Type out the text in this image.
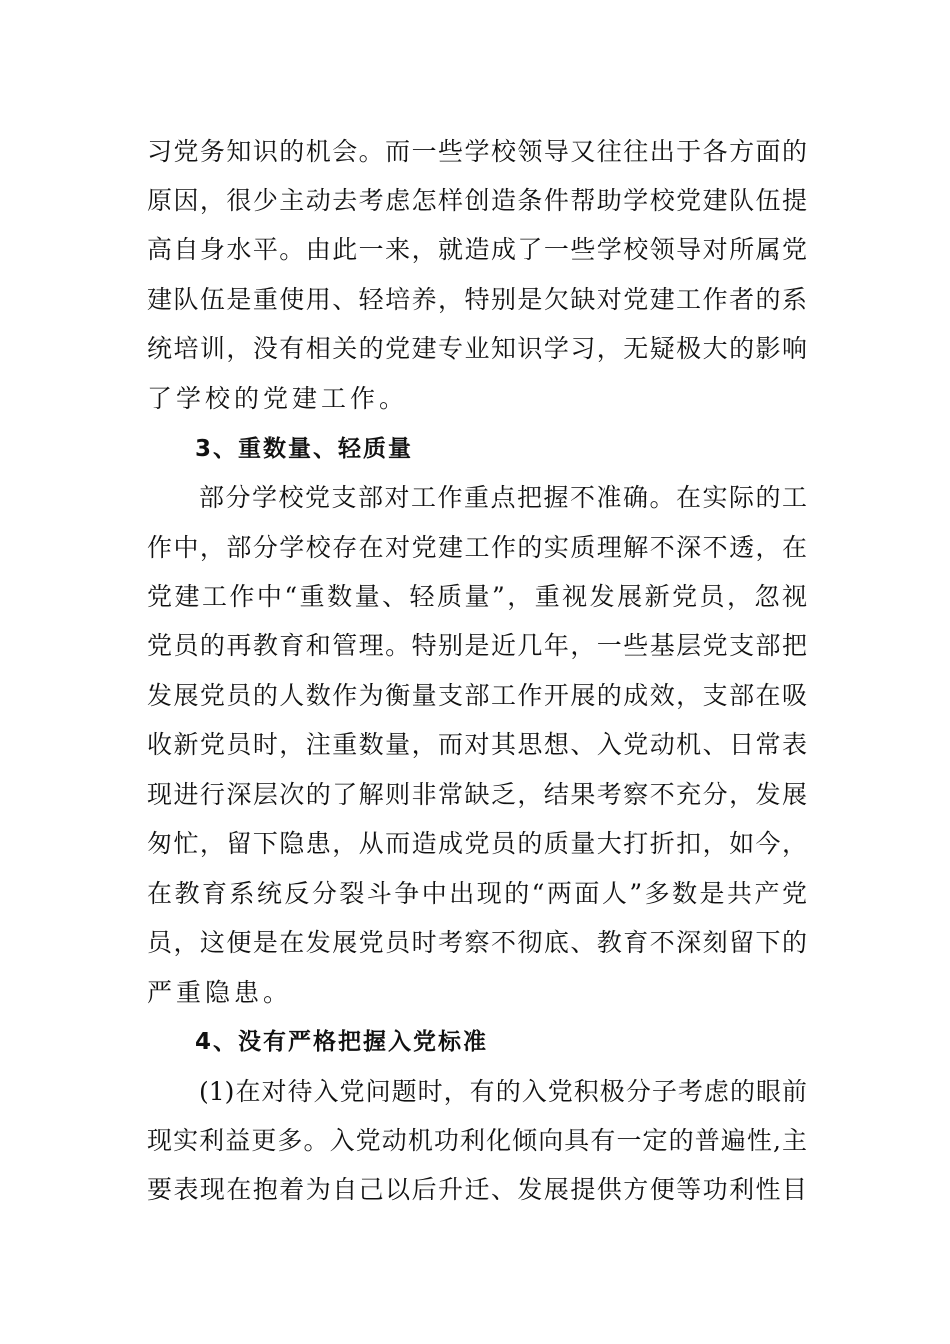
习党务知识的机会。而一些学校领导又往往出于各方面的
原因，很少主动去考虑怎样创造条件帮助学校党建队伍提
高自身水平。由此一来，就造成了一些学校领导对所属党
建队伍是重使用、轻培养，特别是欠缺对党建工作者的系
统培训，没有相关的党建专业知识学习，无疑极大的影响
了学校的党建工作。
3、重数量、轻质量
部分学校党支部对工作重点把握不准确。在实际的工
作中，部分学校存在对党建工作的实质理解不深不透，在
党建工作中“重数量、轻质量”，重视发展新党员，忽视
党员的再教育和管理。特别是近几年，一些基层党支部把
发展党员的人数作为衡量支部工作开展的成效，支部在吸
收新党员时，注重数量，而对其思想、入党动机、日常表
现进行深层次的了解则非常缺乏，结果考察不充分，发展
匆忙，留下隐患，从而造成党员的质量大打折扣，如今，
在教育系统反分裂斗争中出现的“两面人”多数是共产党
员，这便是在发展党员时考察不彻底、教育不深刻留下的
严重隐患。
4、没有严格把握入党标准
(1)在对待入党问题时，有的入党积极分子考虑的眼前
现实利益更多。入党动机功利化倾向具有一定的普遍性,主
要表现在抱着为自己以后升迁、发展提供方便等功利性目
